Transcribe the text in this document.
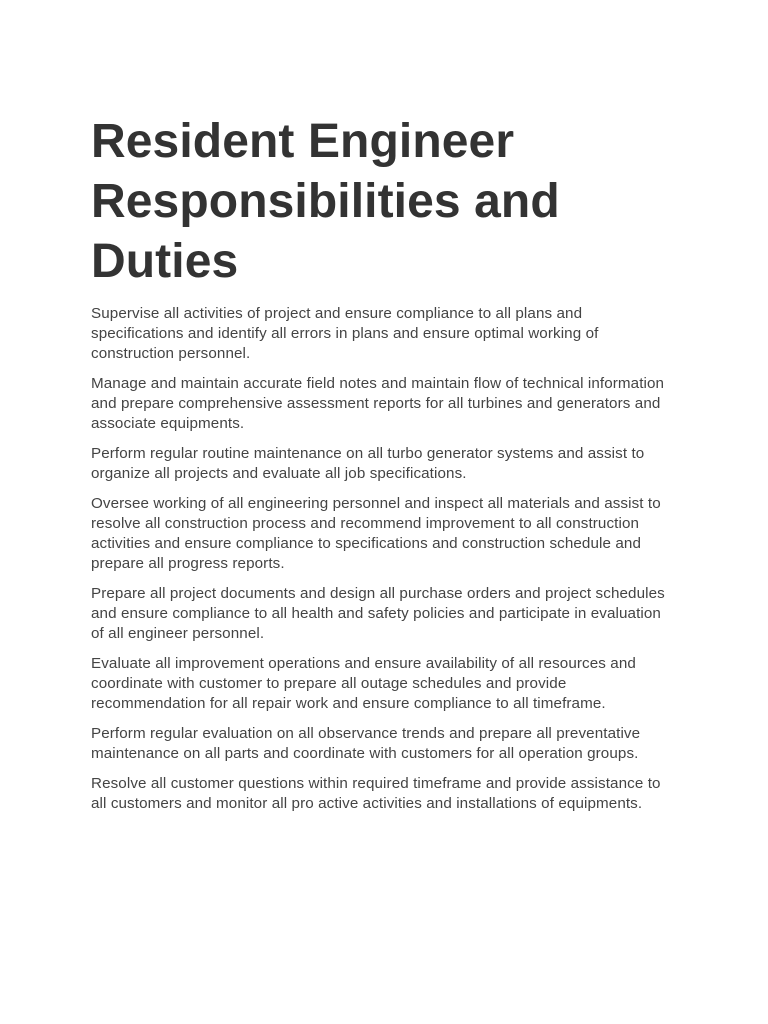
Resident Engineer
Responsibilities and
Duties

Supervise all activities of project and ensure compliance to all plans and specifications and identify all errors in plans and ensure optimal working of construction personnel.

Manage and maintain accurate field notes and maintain flow of technical information and prepare comprehensive assessment reports for all turbines and generators and associate equipments.

Perform regular routine maintenance on all turbo generator systems and assist to organize all projects and evaluate all job specifications.

Oversee working of all engineering personnel and inspect all materials and assist to resolve all construction process and recommend improvement to all construction activities and ensure compliance to specifications and construction schedule and prepare all progress reports.

Prepare all project documents and design all purchase orders and project schedules and ensure compliance to all health and safety policies and participate in evaluation of all engineer personnel.

Evaluate all improvement operations and ensure availability of all resources and coordinate with customer to prepare all outage schedules and provide recommendation for all repair work and ensure compliance to all timeframe.

Perform regular evaluation on all observance trends and prepare all preventative maintenance on all parts and coordinate with customers for all operation groups.

Resolve all customer questions within required timeframe and provide assistance to all customers and monitor all pro active activities and installations of equipments.
